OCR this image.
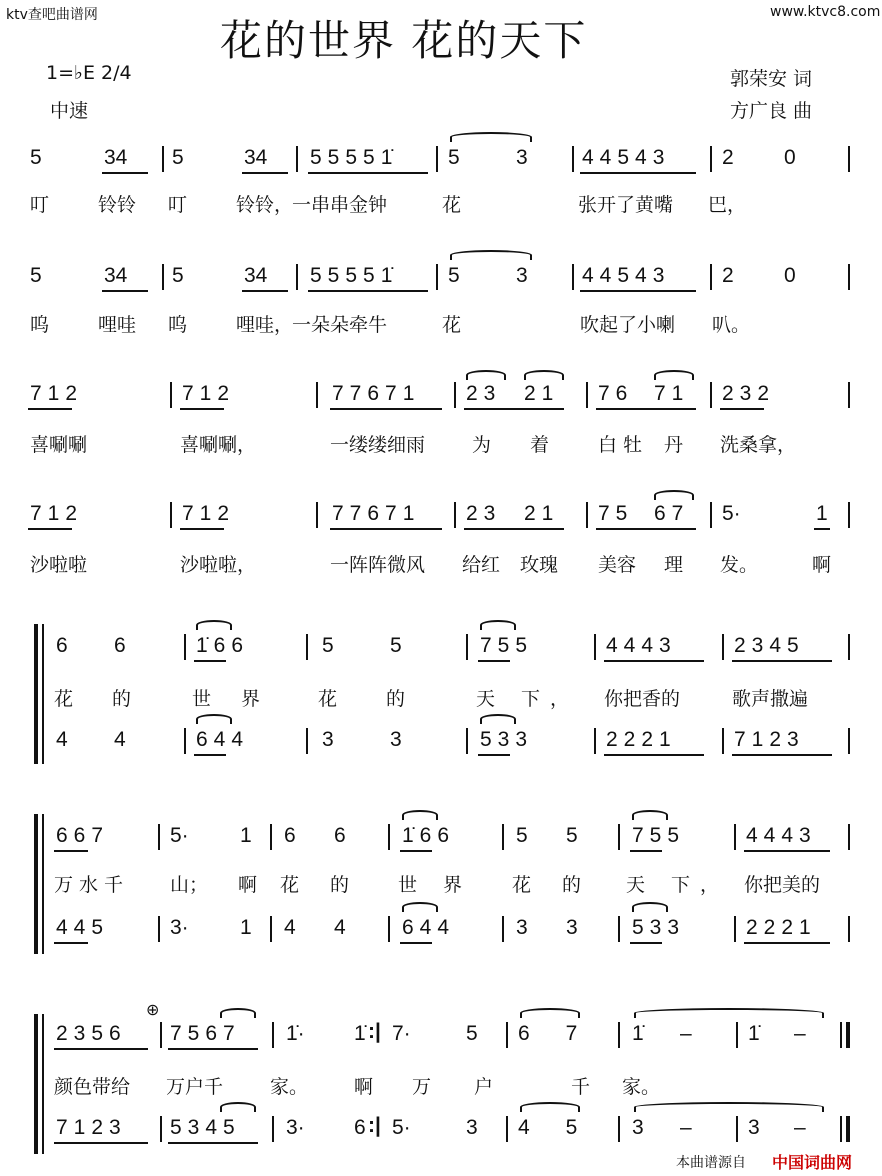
ktv查吧曲谱网	www.ktvc8.com
花的世界 花的天下
1=♭E 2/4
中速
郭荣安 词
方广良 曲
5	34 5	34 55551̇ 5	3	44543 2 0
叮	铃铃 叮	铃铃，
一串串金钟	花	张开了黄嘴 巴，
5	34 5	34 55551̇ 5	3	44543 2 0
呜	哩哇 呜	哩哇，
一朵朵牵牛	花	吹起了小喇 叭。
712	712	77671 23 21 76 71 232
喜唰唰	喜唰唰，	一缕缕细雨 为 着	白牡 丹 洗桑拿，
712	712	77671 23 21 75 67 5·	1
沙啦啦	沙啦啦，	一阵阵微风 给红 玫瑰 美容 理 发。	啊
6 6	1̇66	5	5	755	4443	2345
花 的	世 界 花	的	天 下， 你把香的	歌声撒遍
4 4	644	3	3	533	2221	7123
667	5· 1 6 6	1̇66	5 5	755	4443
万水千 山； 啊 花 的	世 界 花 的 天 下， 你把美的
445	3· 1 4 4	644	3 3	533	2221
⊕
2356 7567 1̇· 1̇ :| 7·	5 67 1̇ –	1̇ –
颜色带给 万户千 家。 啊 万 户 千
家。
7123 5345 3· 6 :| 5·	3 45 3 –	3 –
本曲谱源自 中国词曲网
